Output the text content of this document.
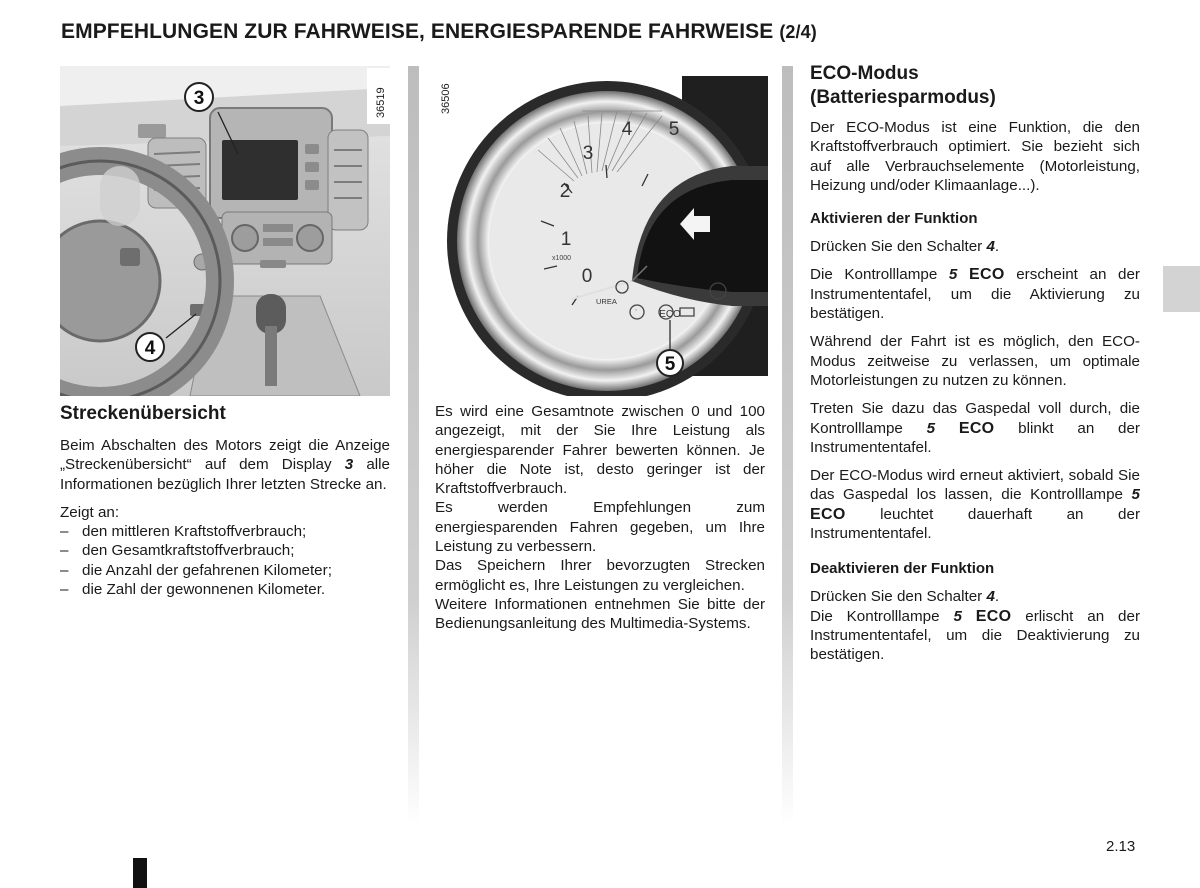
EMPFEHLUNGEN ZUR FAHRWEISE, ENERGIESPARENDE FAHRWEISE (2/4)
3
4
36519
0
1
2
3
4 5
x1000
UREA
ECO
5
36506
Streckenübersicht

Beim Abschalten des Motors zeigt die Anzeige „Streckenübersicht“ auf dem Display 3 alle Informationen bezüglich Ihrer letzten Strecke an.

Zeigt an:

– den mittleren Kraftstoffverbrauch;
– den Gesamtkraftstoffverbrauch;
– die Anzahl der gefahrenen Kilometer;
– die Zahl der gewonnenen Kilometer.

Es wird eine Gesamtnote zwischen 0 und 100 angezeigt, mit der Sie Ihre Leistung als energiesparender Fahrer bewerten können. Je höher die Note ist, desto geringer ist der Kraftstoffverbrauch.

Es werden Empfehlungen zum energiesparenden Fahren gegeben, um Ihre Leistung zu verbessern.

Das Speichern Ihrer bevorzugten Strecken ermöglicht es, Ihre Leistungen zu vergleichen.

Weitere Informationen entnehmen Sie bitte der Bedienungsanleitung des Multimedia-Systems.

ECO-Modus
(Batteriesparmodus)

Der ECO-Modus ist eine Funktion, die den Kraftstoffverbrauch optimiert. Sie bezieht sich auf alle Verbrauchselemente (Motorleistung, Heizung und/oder Klimaanlage...).

Aktivieren der Funktion

Drücken Sie den Schalter 4.

Die Kontrolllampe 5 ECO erscheint an der Instrumententafel, um die Aktivierung zu bestätigen.

Während der Fahrt ist es möglich, den ECO-Modus zeitweise zu verlassen, um optimale Motorleistungen zu nutzen zu können.

Treten Sie dazu das Gaspedal voll durch, die Kontrolllampe 5 ECO blinkt an der Instrumententafel.

Der ECO-Modus wird erneut aktiviert, sobald Sie das Gaspedal los lassen, die Kontrolllampe 5 ECO leuchtet dauerhaft an der Instrumententafel.

Deaktivieren der Funktion

Drücken Sie den Schalter 4.

Die Kontrolllampe 5 ECO erlischt an der Instrumententafel, um die Deaktivierung zu bestätigen.

2.13
